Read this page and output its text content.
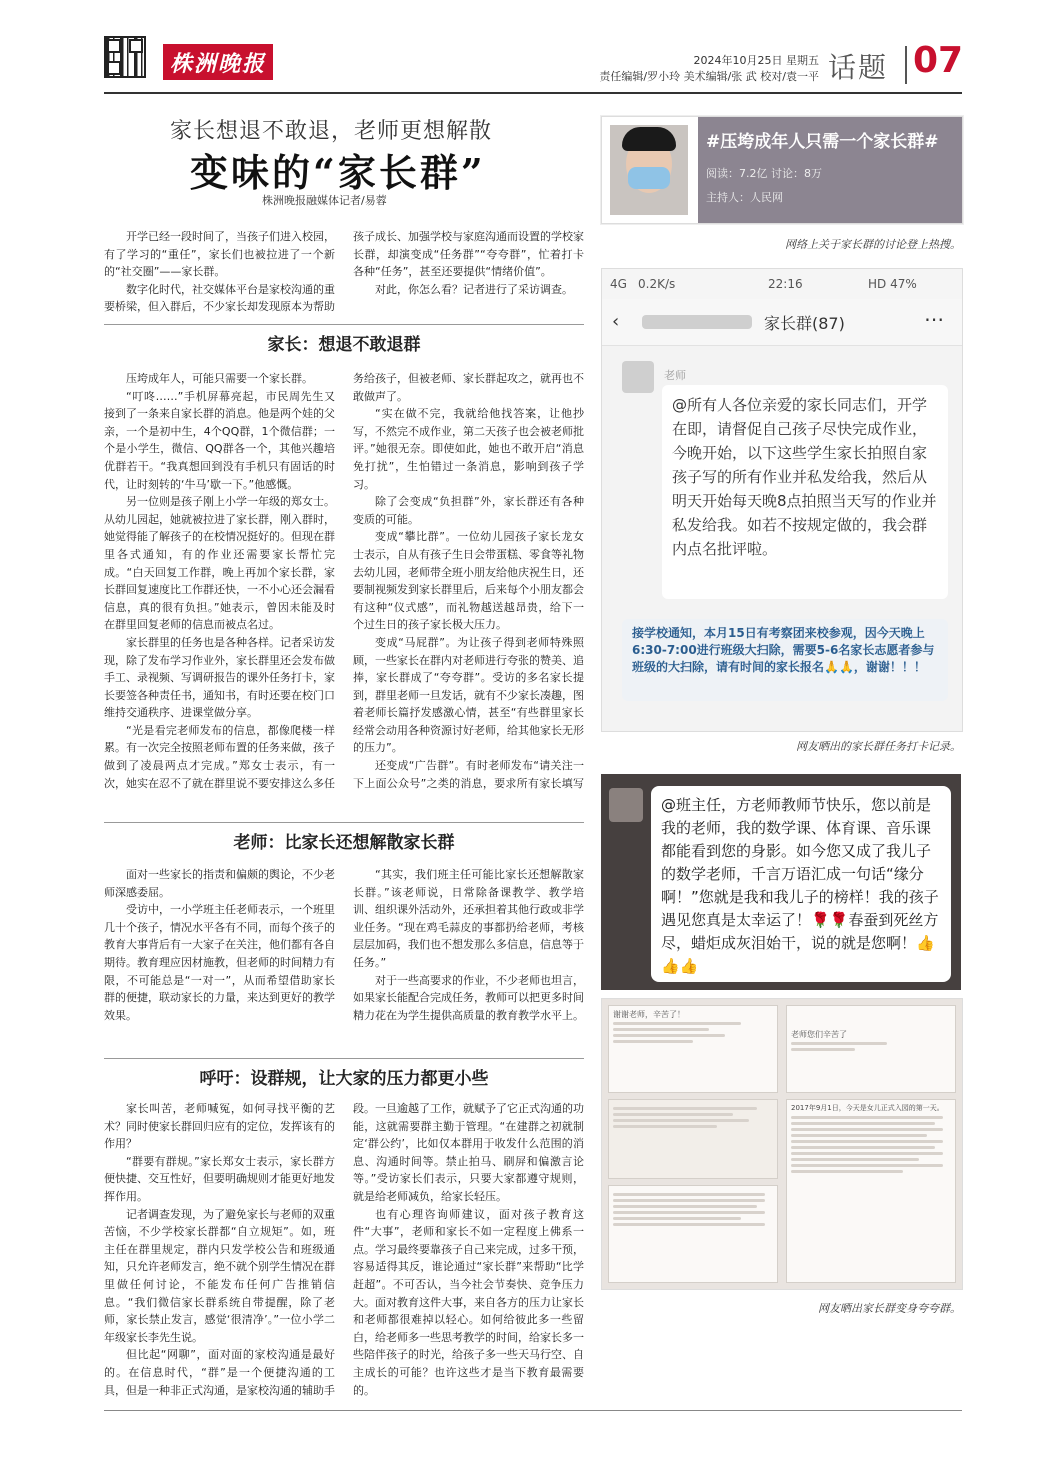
株洲晚报	2024年10月25日 星期五
责任编辑/罗小玲 美术编辑/张 武 校对/袁一平 话题 07
家长想退不敢退，老师更想解散
变味的“家长群”
株洲晚报融媒体记者/易蓉

开学已经一段时间了，当孩子们进入校园，有了学习的“重任”，家长们也被拉进了一个新的“社交圈”——家长群。

数字化时代，社交媒体平台是家校沟通的重要桥梁，但入群后，不少家长却发现原本为帮助孩子成长、加强学校与家庭沟通而设置的学校家长群，却演变成“任务群”“夸夸群”，忙着打卡各种“任务”，甚至还要提供“情绪价值”。

对此，你怎么看？记者进行了采访调查。

家长：想退不敢退群

压垮成年人，可能只需要一个家长群。

“叮咚……”手机屏幕亮起，市民周先生又接到了一条来自家长群的消息。他是两个娃的父亲，一个是初中生，4个QQ群，1个微信群；一个是小学生，微信、QQ群各一个，其他兴趣培优群若干。“我真想回到没有手机只有固话的时代，让时刻转的‘牛马’歇一下。”他感慨。

另一位则是孩子刚上小学一年级的郑女士。从幼儿园起，她就被拉进了家长群，刚入群时，她觉得能了解孩子的在校情况挺好的。但现在群里各式通知，有的作业还需要家长帮忙完成。“白天回复工作群，晚上再加个家长群，家长群回复速度比工作群还快，一不小心还会漏看信息，真的很有负担。”她表示，曾因未能及时在群里回复老师的信息而被点名过。

家长群里的任务也是各种各样。记者采访发现，除了发布学习作业外，家长群里还会发布做手工、录视频、写调研报告的课外任务打卡，家长要签各种责任书，通知书，有时还要在校门口维持交通秩序、进课堂做分享。

“光是看完老师发布的信息，都像爬楼一样累。有一次完全按照老师布置的任务来做，孩子做到了凌晨两点才完成。”郑女士表示，有一次，她实在忍不了就在群里说不要安排这么多任务给孩子，但被老师、家长群起攻之，就再也不敢做声了。

“实在做不完，我就给他找答案，让他抄写，不然完不成作业，第二天孩子也会被老师批评。”她很无奈。即使如此，她也不敢开启“消息免打扰”，生怕错过一条消息，影响到孩子学习。

除了会变成“负担群”外，家长群还有各种变质的可能。

变成“攀比群”。一位幼儿园孩子家长龙女士表示，自从有孩子生日会带蛋糕、零食等礼物去幼儿园，老师带全班小朋友给他庆祝生日，还要制视频发到家长群里后，后来每个小朋友都会有这种“仪式感”，而礼物越送越昂贵，给下一个过生日的孩子家长极大压力。

变成“马屁群”。为让孩子得到老师特殊照顾，一些家长在群内对老师进行夸张的赞美、追捧，家长群成了“夸夸群”。受访的多名家长提到，群里老师一旦发话，就有不少家长凑趣，图着老师长篇抒发感激心情，甚至“有些群里家长经常会动用各种资源讨好老师，给其他家长无形的压力”。

还变成“广告群”。有时老师发布“请关注一下上面公众号”之类的消息，要求所有家长填写

老师：比家长还想解散家长群

面对一些家长的指责和偏颇的舆论，不少老师深感委屈。

受访中，一小学班主任老师表示，一个班里几十个孩子，情况水平各有不同，而每个孩子的教育大事背后有一大家子在关注，他们都有各自期待。教育理应因材施教，但老师的时间精力有限，不可能总是“一对一”，从而希望借助家长群的便捷，联动家长的力量，来达到更好的教学效果。

“其实，我们班主任可能比家长还想解散家长群。”该老师说，日常除备课教学、教学培训、组织课外活动外，还承担着其他行政或非学业任务。“现在鸡毛蒜皮的事都扔给老师，考核层层加码，我们也不想发那么多信息，信息等于任务。”

对于一些高要求的作业，不少老师也坦言，如果家长能配合完成任务，教师可以把更多时间精力花在为学生提供高质量的教育教学水平上。

呼吁：设群规，让大家的压力都更小些

家长叫苦，老师喊冤，如何寻找平衡的艺术？同时使家长群回归应有的定位，发挥该有的作用？

“群要有群规。”家长郑女士表示，家长群方便快捷、交互性好，但要明确规则才能更好地发挥作用。

记者调查发现，为了避免家长与老师的双重苦恼，不少学校家长群都“自立规矩”。如，班主任在群里规定，群内只发学校公告和班级通知，只允许老师发言，绝不就个别学生情况在群里做任何讨论，不能发布任何广告推销信息。“我们微信家长群系统自带提醒，除了老师，家长禁止发言，感觉‘很清净’。”一位小学二年级家长李先生说。

但比起“网聊”，面对面的家校沟通是最好的。在信息时代，“群”是一个便捷沟通的工具，但是一种非正式沟通，是家校沟通的辅助手段。一旦逾越了工作，就赋予了它正式沟通的功能，这就需要群主勤于管理。“在建群之初就制定‘群公约’，比如仅本群用于收发什么范围的消息、沟通时间等。禁止拍马、刷屏和偏激言论等。”受访家长们表示，只要大家都遵守规则，就是给老师减负，给家长轻压。

也有心理咨询师建议，面对孩子教育这件“大事”，老师和家长不如一定程度上佛系一点。学习最终要靠孩子自己来完成，过多干预，容易适得其反，谁论通过“家长群”来帮助“比学赶超”。不可否认，当今社会节奏快、竞争压力大。面对教育这件大事，来自各方的压力让家长和老师都很难掉以轻心。如何给彼此多一些留白，给老师多一些思考教学的时间，给家长多一些陪伴孩子的时光，给孩子多一些天马行空、自主成长的可能？也许这些才是当下教育最需要的。

#压垮成年人只需一个家长群#
阅读：7.2亿 讨论：8万
主持人：人民网
网络上关于家长群的讨论登上热搜。
4G 0.2K/s	22:16	HD 47%
‹	家长群(87)	⋯
老师
@所有人各位亲爱的家长同志们，开学在即，请督促自己孩子尽快完成作业，今晚开始，以下这些学生家长拍照自家孩子写的所有作业并私发给我，然后从明天开始每天晚8点拍照当天写的作业并私发给我。如若不按规定做的，我会群内点名批评啦。
接学校通知，本月15日有考察团来校参观，因今天晚上6:30-7:00进行班级大扫除，需要5-6名家长志愿者参与班级的大扫除，请有时间的家长报名🙏🙏，谢谢！！！
网友晒出的家长群任务打卡记录。
@班主任，方老师教师节快乐，您以前是我的老师，我的数学课、体育课、音乐课都能看到您的身影。如今您又成了我儿子的数学老师，千言万语汇成一句话“缘分啊！”您就是我和我儿子的榜样！我的孩子遇见您真是太幸运了！🌹🌹春蚕到死丝方尽，蜡炬成灰泪始干，说的就是您啊！👍👍👍
谢谢老师，辛苦了！
老师您们辛苦了
2017年9月1日，今天是女儿正式入园的第一天。
网友晒出家长群变身夸夸群。
